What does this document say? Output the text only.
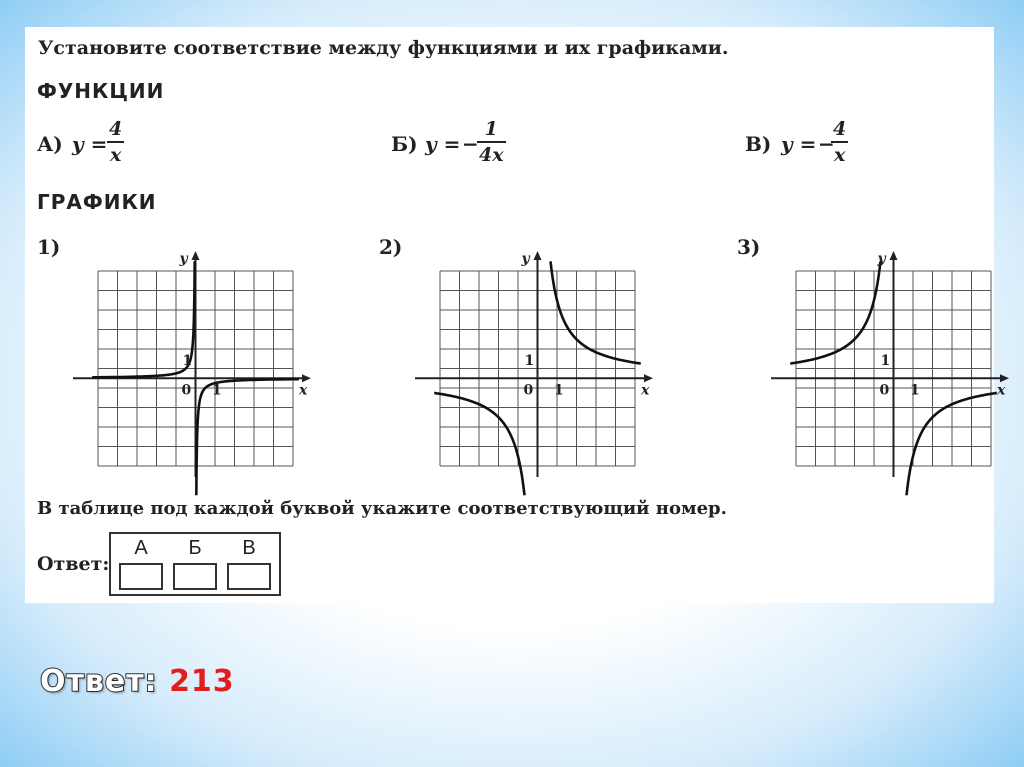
Установите соответствие между функциями и их графиками.
ФУНКЦИИ
А) y =
4
x	Б) y = −
1
4x	В) y = −
4
x
ГРАФИКИ
1)	2)	3)
y
x
0 1
1
y
x
0 1
1
y
x
0 1
1
В таблице под каждой буквой укажите соответствующий номер.
Ответ:
А	Б	В
Ответ: 213
